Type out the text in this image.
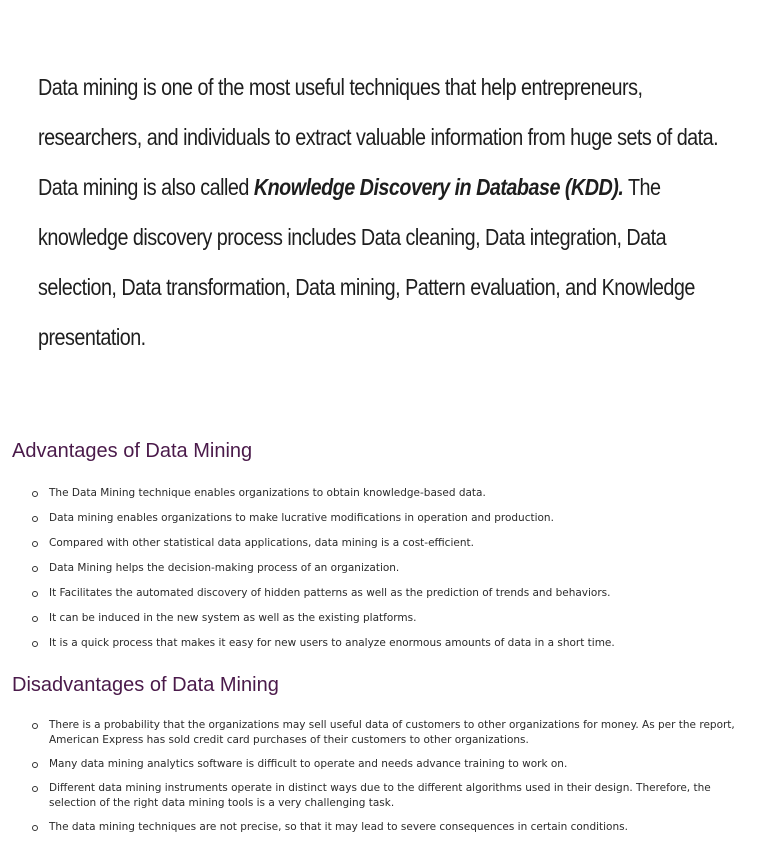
Data mining is one of the most useful techniques that help entrepreneurs, researchers, and individuals to extract valuable information from huge sets of data. Data mining is also called Knowledge Discovery in Database (KDD). The knowledge discovery process includes Data cleaning, Data integration, Data selection, Data transformation, Data mining, Pattern evaluation, and Knowledge presentation.
Advantages of Data Mining
The Data Mining technique enables organizations to obtain knowledge-based data.
Data mining enables organizations to make lucrative modifications in operation and production.
Compared with other statistical data applications, data mining is a cost-efficient.
Data Mining helps the decision-making process of an organization.
It Facilitates the automated discovery of hidden patterns as well as the prediction of trends and behaviors.
It can be induced in the new system as well as the existing platforms.
It is a quick process that makes it easy for new users to analyze enormous amounts of data in a short time.
Disadvantages of Data Mining
There is a probability that the organizations may sell useful data of customers to other organizations for money. As per the report, American Express has sold credit card purchases of their customers to other organizations.
Many data mining analytics software is difficult to operate and needs advance training to work on.
Different data mining instruments operate in distinct ways due to the different algorithms used in their design. Therefore, the selection of the right data mining tools is a very challenging task.
The data mining techniques are not precise, so that it may lead to severe consequences in certain conditions.
